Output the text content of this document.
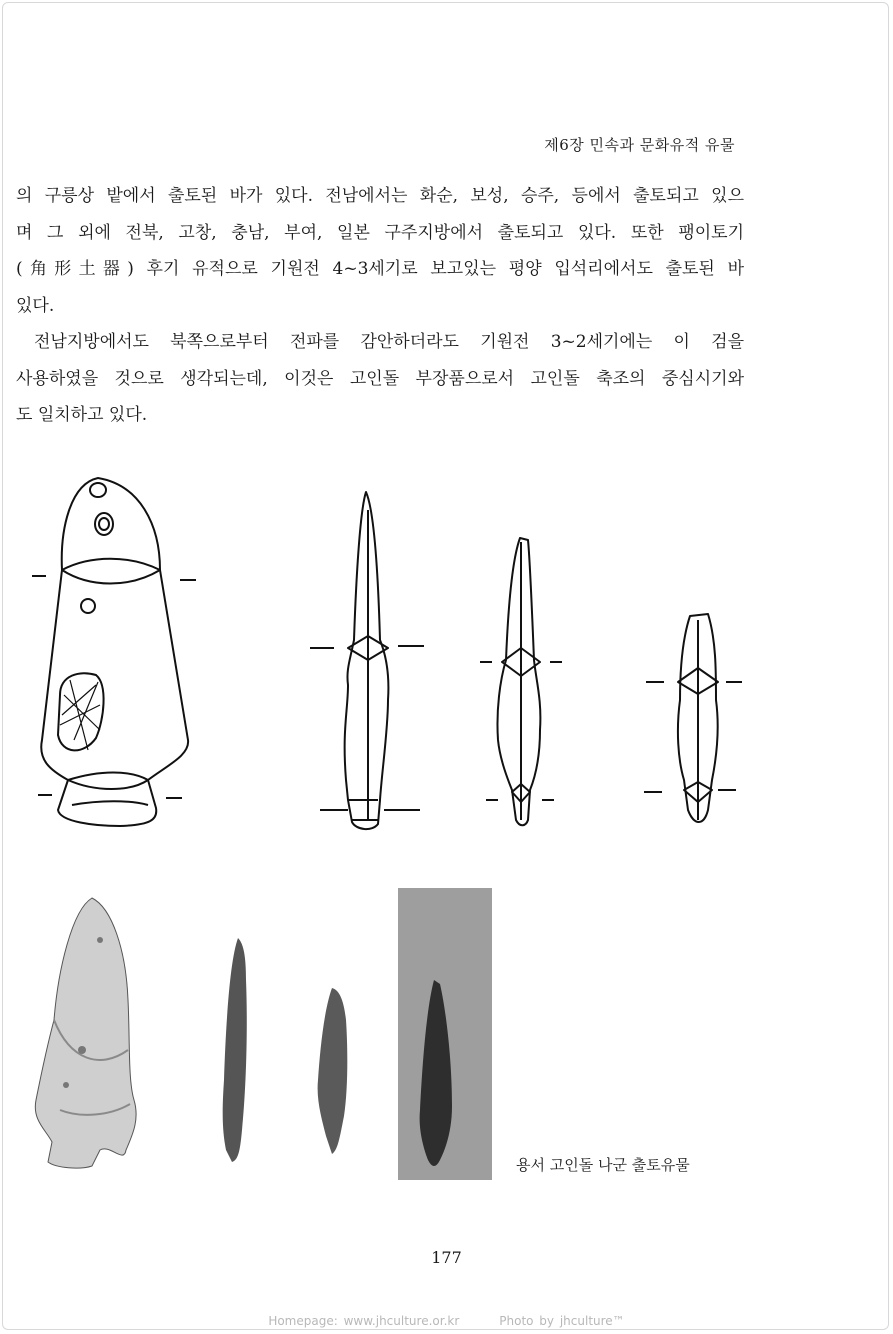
제6장 민속과 문화유적 유물

의 구릉상 밭에서 출토된 바가 있다. 전남에서는 화순, 보성, 승주, 등에서 출토되고 있으

며 그 외에 전북, 고창, 충남, 부여, 일본 구주지방에서 출토되고 있다. 또한 팽이토기

(角形土器) 후기 유적으로 기원전 4~3세기로 보고있는 평양 입석리에서도 출토된 바

있다.

전남지방에서도 북쪽으로부터 전파를 감안하더라도 기원전 3~2세기에는 이 검을

사용하였을 것으로 생각되는데, 이것은 고인돌 부장품으로서 고인돌 축조의 중심시기와

도 일치하고 있다.

용서 고인돌 나군 출토유물
177
Homepage: www.jhculture.or.kr	Photo by jhculture™
